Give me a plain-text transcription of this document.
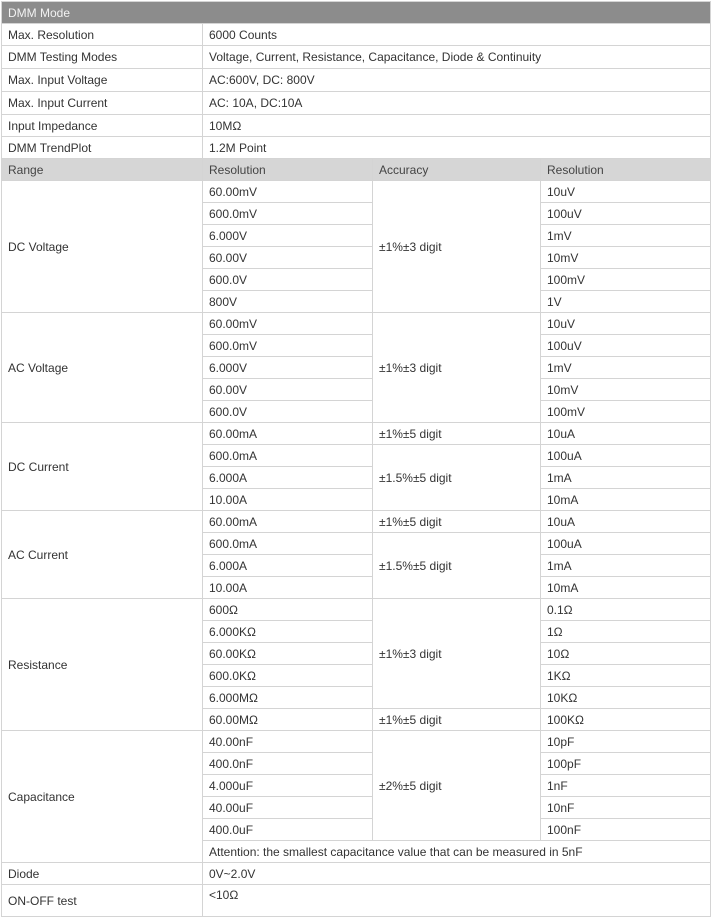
DMM Mode			
Max. Resolution	6000 Counts		
DMM Testing Modes	Voltage, Current, Resistance, Capacitance, Diode & Continuity		
Max. Input Voltage	AC:600V, DC: 800V		
Max. Input Current	AC: 10A, DC:10A		
Input Impedance	10MΩ		
DMM TrendPlot	1.2M Point		
Range	Resolution	Accuracy	Resolution
DC Voltage	60.00mV	±1%±3 digit	10uV
	600.0mV		100uV
	6.000V		1mV
	60.00V		10mV
	600.0V		100mV
	800V		1V
AC Voltage	60.00mV	±1%±3 digit	10uV
	600.0mV		100uV
	6.000V		1mV
	60.00V		10mV
	600.0V		100mV
DC Current	60.00mA	±1%±5 digit	10uA
	600.0mA	±1.5%±5 digit	100uA
	6.000A		1mA
	10.00A		10mA
AC Current	60.00mA	±1%±5 digit	10uA
	600.0mA	±1.5%±5 digit	100uA
	6.000A		1mA
	10.00A		10mA
Resistance	600Ω	±1%±3 digit	0.1Ω
	6.000KΩ		1Ω
	60.00KΩ		10Ω
	600.0KΩ		1KΩ
	6.000MΩ		10KΩ
	60.00MΩ	±1%±5 digit	100KΩ
Capacitance	40.00nF	±2%±5 digit	10pF
	400.0nF		100pF
	4.000uF		1nF
	40.00uF		10nF
	400.0uF		100nF
	Attention: the smallest capacitance value that can be measured in 5nF		
Diode	0V~2.0V		
ON-OFF test	<10Ω		
